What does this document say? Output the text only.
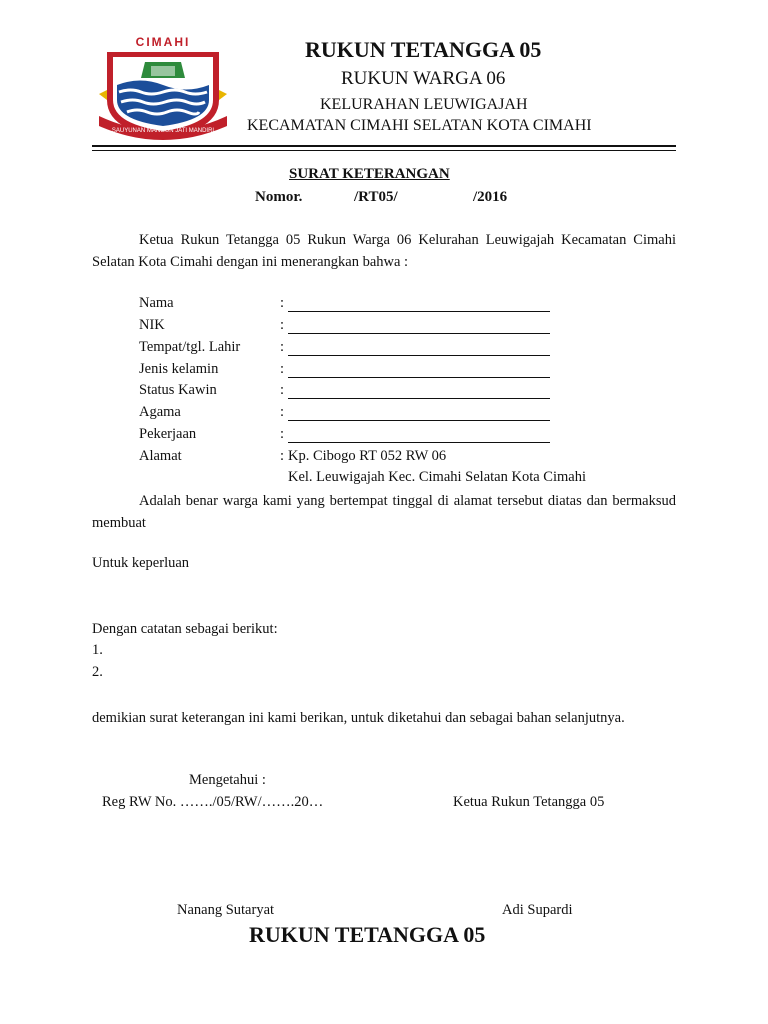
CIMAHI
SAUYUNAN MANGUN JATI MANDIRI
RUKUN TETANGGA 05
RUKUN WARGA 06
KELURAHAN LEUWIGAJAH
KECAMATAN CIMAHI SELATAN KOTA CIMAHI
SURAT KETERANGAN
Nomor.	/RT05/	/2016
Ketua Rukun Tetangga 05 Rukun Warga 06 Kelurahan Leuwigajah Kecamatan Cimahi Selatan Kota Cimahi dengan ini menerangkan bahwa :
Nama	:
NIK	:
Tempat/tgl. Lahir	:
Jenis kelamin	:
Status Kawin	:
Agama	:
Pekerjaan	:
Alamat	: Kp. Cibogo RT 052 RW 06
Kel. Leuwigajah Kec. Cimahi Selatan Kota Cimahi
Adalah benar warga kami yang bertempat tinggal di alamat tersebut diatas dan bermaksud membuat
Untuk keperluan
Dengan catatan sebagai berikut:
1.
2.
demikian surat keterangan ini kami berikan, untuk diketahui dan sebagai bahan selanjutnya.
Mengetahui :
Reg RW No. ……./05/RW/…….20…	Ketua Rukun Tetangga 05
Nanang Sutaryat	Adi Supardi
RUKUN TETANGGA 05
